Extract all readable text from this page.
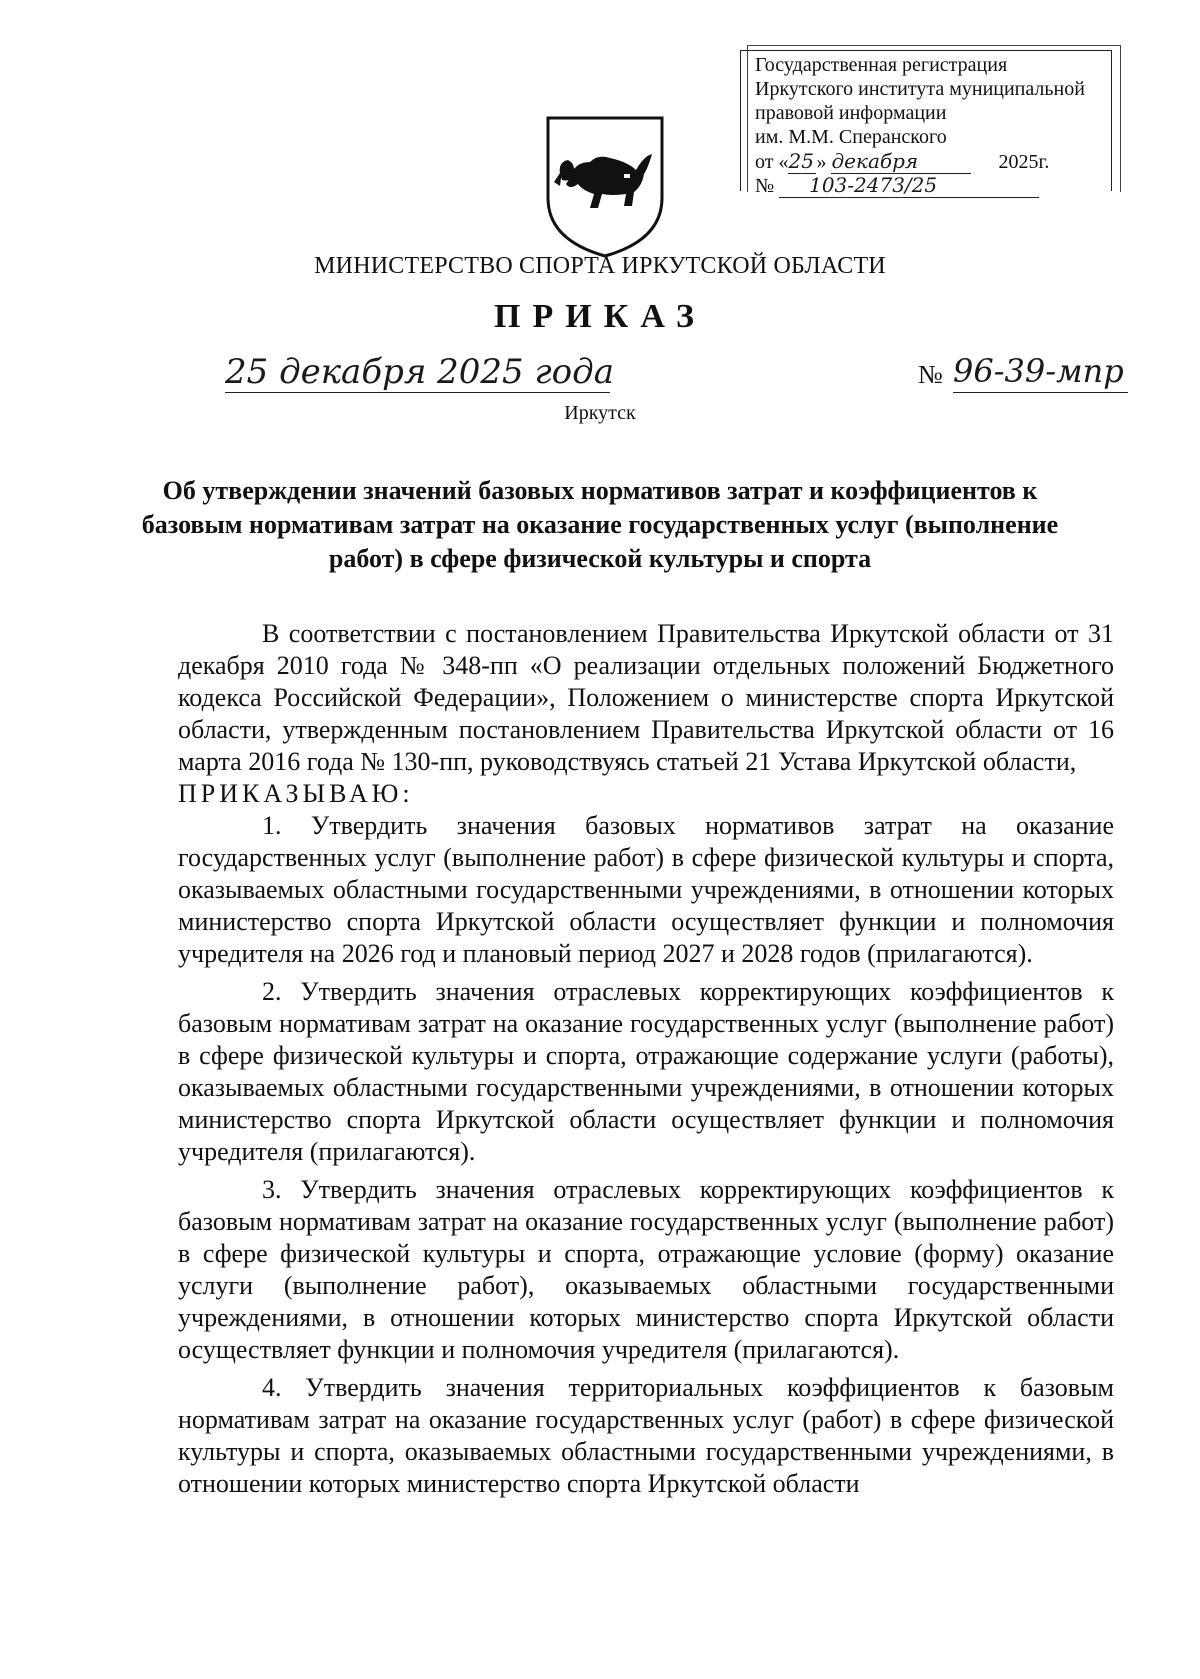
Государственная регистрация
Иркутского института муниципальной
правовой информации
им. М.М. Сперанского
от «25 » декабря	2025г.
№ 103-2473/25
МИНИСТЕРСТВО СПОРТА ИРКУТСКОЙ ОБЛАСТИ
ПРИКАЗ
25 декабря 2025 года	№ 96-39-мпр
Иркутск
Об утверждении значений базовых нормативов затрат и коэффициентов к базовым нормативам затрат на оказание государственных услуг (выполнение работ) в сфере физической культуры и спорта

В соответствии с постановлением Правительства Иркутской области от 31 декабря 2010 года № 348-пп «О реализации отдельных положений Бюджетного кодекса Российской Федерации», Положением о министерстве спорта Иркутской области, утвержденным постановлением Правительства Иркутской области от 16 марта 2016 года № 130-пп, руководствуясь статьей 21 Устава Иркутской области,

ПРИКАЗЫВАЮ:

1. Утвердить значения базовых нормативов затрат на оказание государственных услуг (выполнение работ) в сфере физической культуры и спорта, оказываемых областными государственными учреждениями, в отношении которых министерство спорта Иркутской области осуществляет функции и полномочия учредителя на 2026 год и плановый период 2027 и 2028 годов (прилагаются).

2. Утвердить значения отраслевых корректирующих коэффициентов к базовым нормативам затрат на оказание государственных услуг (выполнение работ) в сфере физической культуры и спорта, отражающие содержание услуги (работы), оказываемых областными государственными учреждениями, в отношении которых министерство спорта Иркутской области осуществляет функции и полномочия учредителя (прилагаются).

3. Утвердить значения отраслевых корректирующих коэффициентов к базовым нормативам затрат на оказание государственных услуг (выполнение работ) в сфере физической культуры и спорта, отражающие условие (форму) оказание услуги (выполнение работ), оказываемых областными государственными учреждениями, в отношении которых министерство спорта Иркутской области осуществляет функции и полномочия учредителя (прилагаются).

4. Утвердить значения территориальных коэффициентов к базовым нормативам затрат на оказание государственных услуг (работ) в сфере физической культуры и спорта, оказываемых областными государственными учреждениями, в отношении которых министерство спорта Иркутской области
